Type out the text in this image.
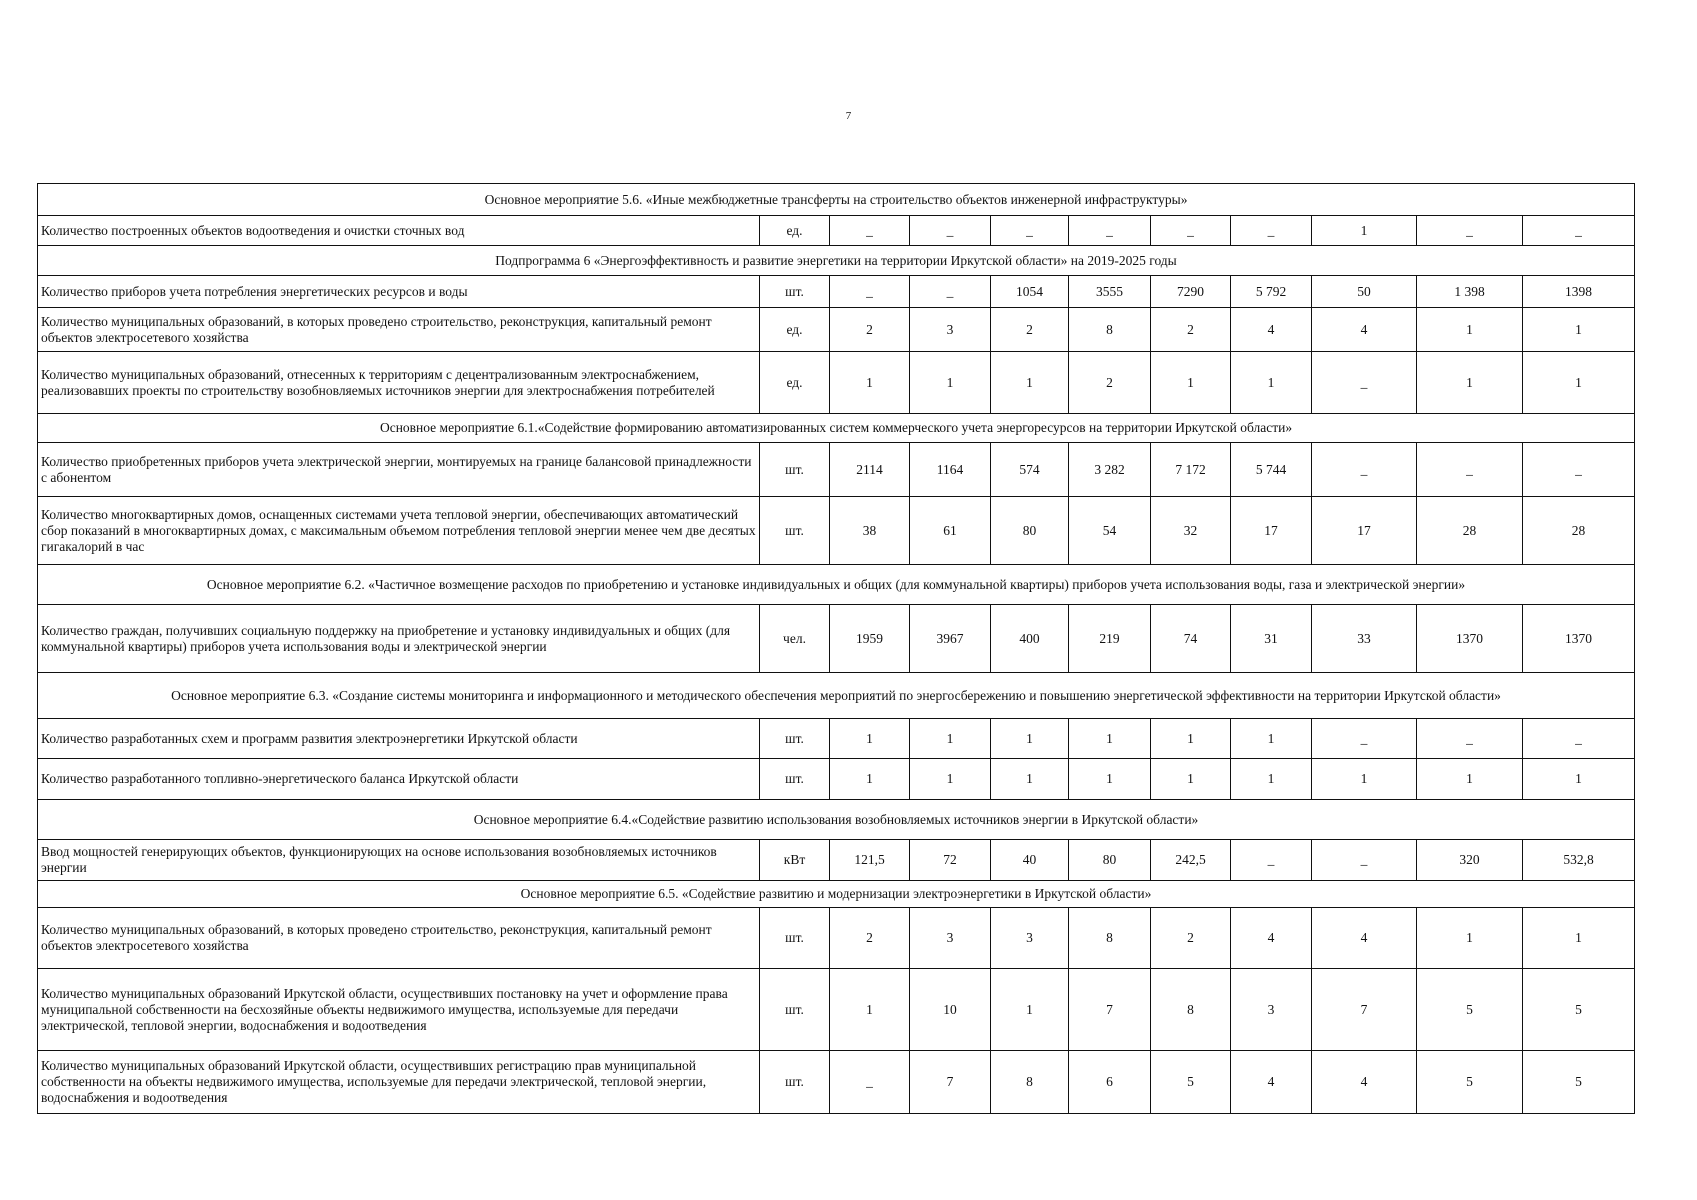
7
Основное мероприятие 5.6. «Иные межбюджетные трансферты на строительство объектов инженерной инфраструктуры»										
Количество построенных объектов водоотведения и очистки сточных вод	ед.	_	_	_	_	_	_	1	_	_
Подпрограмма 6 «Энергоэффективность и развитие энергетики на территории Иркутской области» на 2019-2025 годы										
Количество приборов учета потребления энергетических ресурсов и воды	шт.	_	_	1054	3555	7290	5 792	50	1 398	1398
Количество муниципальных образований, в которых проведено строительство, реконструкция, капитальный ремонт объектов электросетевого хозяйства	ед.	2	3	2	8	2	4	4	1	1
Количество муниципальных образований, отнесенных к территориям с децентрализованным электроснабжением, реализовавших проекты по строительству возобновляемых источников энергии для электроснабжения потребителей	ед.	1	1	1	2	1	1	_	1	1
Основное мероприятие 6.1.«Содействие формированию автоматизированных систем коммерческого учета энергоресурсов на территории Иркутской области»										
Количество приобретенных приборов учета электрической энергии, монтируемых на границе балансовой принадлежности с абонентом	шт.	2114	1164	574	3 282	7 172	5 744	_	_	_
Количество многоквартирных домов, оснащенных системами учета тепловой энергии, обеспечивающих автоматический сбор показаний в многоквартирных домах, с максимальным объемом потребления тепловой энергии менее чем две десятых гигакалорий в час	шт.	38	61	80	54	32	17	17	28	28
Основное мероприятие 6.2. «Частичное возмещение расходов по приобретению и установке индивидуальных и общих (для коммунальной квартиры) приборов учета использования воды, газа и электрической энергии»										
Количество граждан, получивших социальную поддержку на приобретение и установку индивидуальных и общих (для коммунальной квартиры) приборов учета использования воды и электрической энергии	чел.	1959	3967	400	219	74	31	33	1370	1370
Основное мероприятие 6.3. «Создание системы мониторинга и информационного и методического обеспечения мероприятий по энергосбережению и повышению энергетической эффективности на территории Иркутской области»										
Количество разработанных схем и программ развития электроэнергетики Иркутской области	шт.	1	1	1	1	1	1	_	_	_
Количество разработанного топливно-энергетического баланса Иркутской области	шт.	1	1	1	1	1	1	1	1	1
Основное мероприятие 6.4.«Содействие развитию использования возобновляемых источников энергии в Иркутской области»										
Ввод мощностей генерирующих объектов, функционирующих на основе использования возобновляемых источников энергии	кВт	121,5	72	40	80	242,5	_	_	320	532,8
Основное мероприятие 6.5. «Содействие развитию и модернизации электроэнергетики в Иркутской области»										
Количество муниципальных образований, в которых проведено строительство, реконструкция, капитальный ремонт объектов электросетевого хозяйства	шт.	2	3	3	8	2	4	4	1	1
Количество муниципальных образований Иркутской области, осуществивших постановку на учет и оформление права муниципальной собственности на бесхозяйные объекты недвижимого имущества, используемые для передачи электрической, тепловой энергии, водоснабжения и водоотведения	шт.	1	10	1	7	8	3	7	5	5
Количество муниципальных образований Иркутской области, осуществивших регистрацию прав муниципальной собственности на объекты недвижимого имущества, используемые для передачи электрической, тепловой энергии, водоснабжения и водоотведения	шт.	_	7	8	6	5	4	4	5	5
